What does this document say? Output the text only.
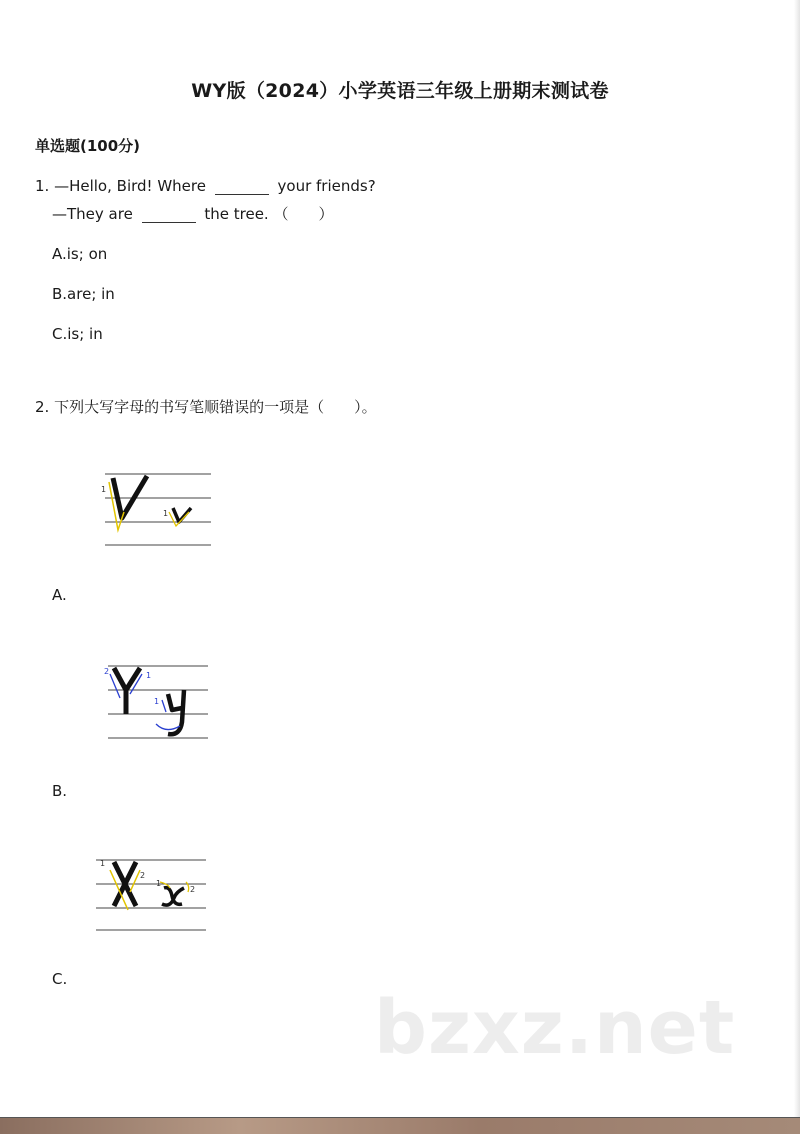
WY版（2024）小学英语三年级上册期末测试卷
单选题(100分)
1. —Hello, Bird! Where	your friends?
—They are	the tree. （　　）
A.is; on
B.are; in
C.is; in
2. 下列大写字母的书写笔顺错误的一项是（　　）。
1
1
A.
2	1
1
B.
1
2
1
2
C.
bzxz.net
